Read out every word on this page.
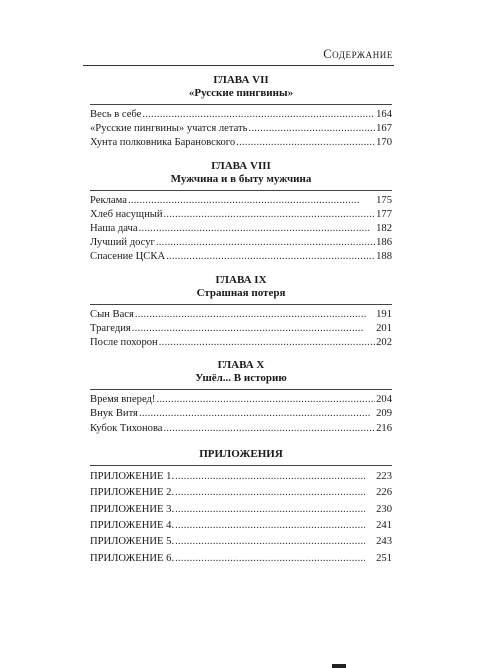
Содержание
ГЛАВА VII
«Русские пингвины»
Весь в себе . . .	164
«Русские пингвины» учатся летать . . .	167
Хунта полковника Барановского . . .	170
ГЛАВА VIII
Мужчина и в быту мужчина
Реклама . . .	175
Хлеб насущный . . .	177
Наша дача . . .	182
Лучший досуг . . .	186
Спасение ЦСКА . . .	188
ГЛАВА IX
Страшная потеря
Сын Вася . . .	191
Трагедия . . .	201
После похорон . . .	202
ГЛАВА X
Ушёл... В историю
Время вперед! . . .	204
Внук Витя . . .	209
Кубок Тихонова . . .	216
ПРИЛОЖЕНИЯ
ПРИЛОЖЕНИЕ 1. . . .	223
ПРИЛОЖЕНИЕ 2. . . .	226
ПРИЛОЖЕНИЕ 3. . . .	230
ПРИЛОЖЕНИЕ 4. . . .	241
ПРИЛОЖЕНИЕ 5. . . .	243
ПРИЛОЖЕНИЕ 6. . . .	251
